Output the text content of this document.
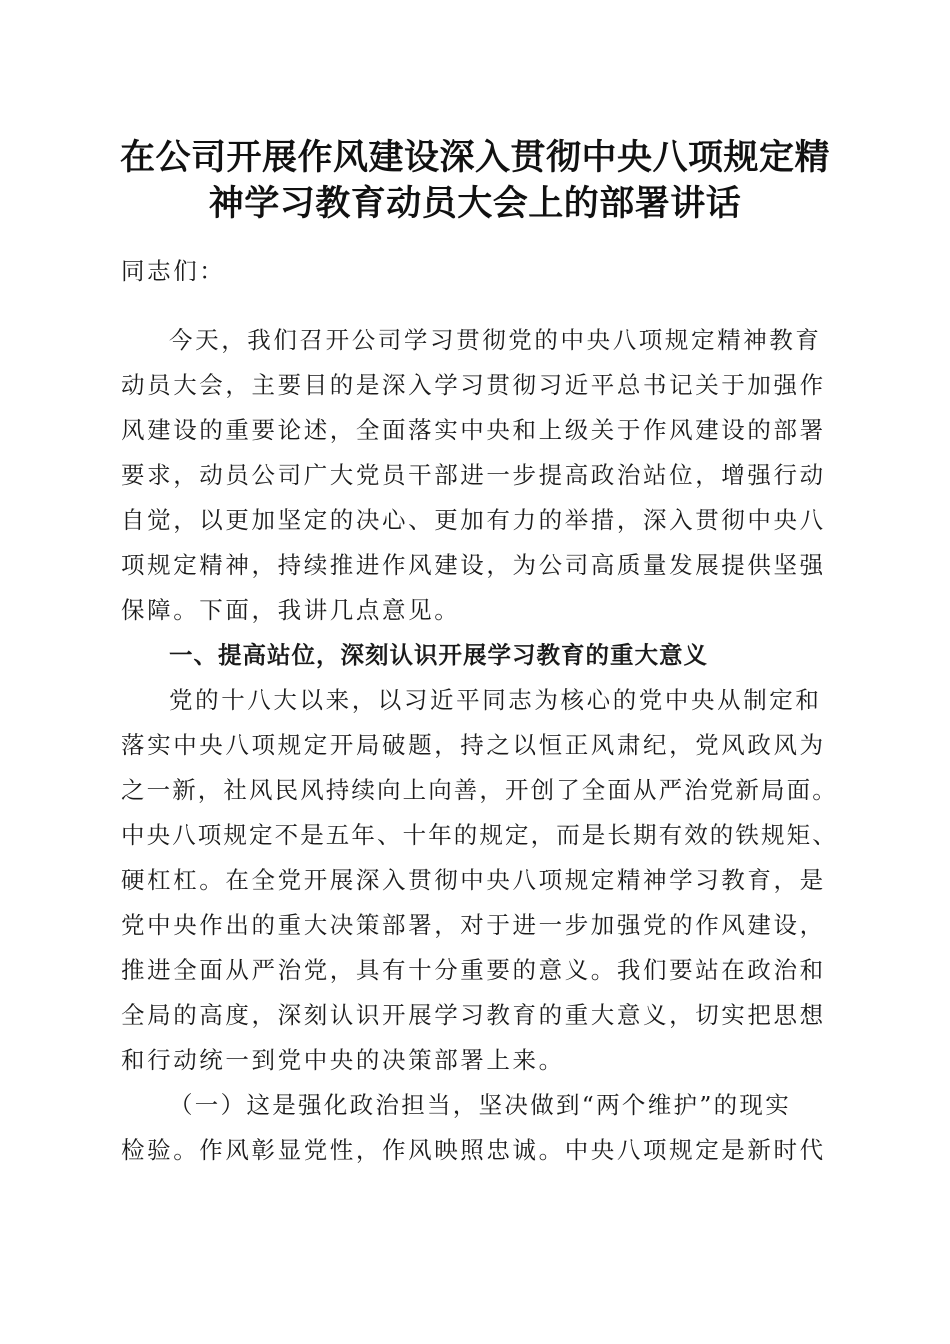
在公司开展作风建设深入贯彻中央八项规定精
神学习教育动员大会上的部署讲话
同志们：
今天，我们召开公司学习贯彻党的中央八项规定精神教育
动员大会，主要目的是深入学习贯彻习近平总书记关于加强作
风建设的重要论述，全面落实中央和上级关于作风建设的部署
要求，动员公司广大党员干部进一步提高政治站位，增强行动
自觉，以更加坚定的决心、更加有力的举措，深入贯彻中央八
项规定精神，持续推进作风建设，为公司高质量发展提供坚强
保障。下面，我讲几点意见。
一、提高站位，深刻认识开展学习教育的重大意义
党的十八大以来，以习近平同志为核心的党中央从制定和
落实中央八项规定开局破题，持之以恒正风肃纪，党风政风为
之一新，社风民风持续向上向善，开创了全面从严治党新局面。
中央八项规定不是五年、十年的规定，而是长期有效的铁规矩、
硬杠杠。在全党开展深入贯彻中央八项规定精神学习教育，是
党中央作出的重大决策部署，对于进一步加强党的作风建设，
推进全面从严治党，具有十分重要的意义。我们要站在政治和
全局的高度，深刻认识开展学习教育的重大意义，切实把思想
和行动统一到党中央的决策部署上来。
（一）这是强化政治担当，坚决做到“两个维护”的现实
检验。作风彰显党性，作风映照忠诚。中央八项规定是新时代
